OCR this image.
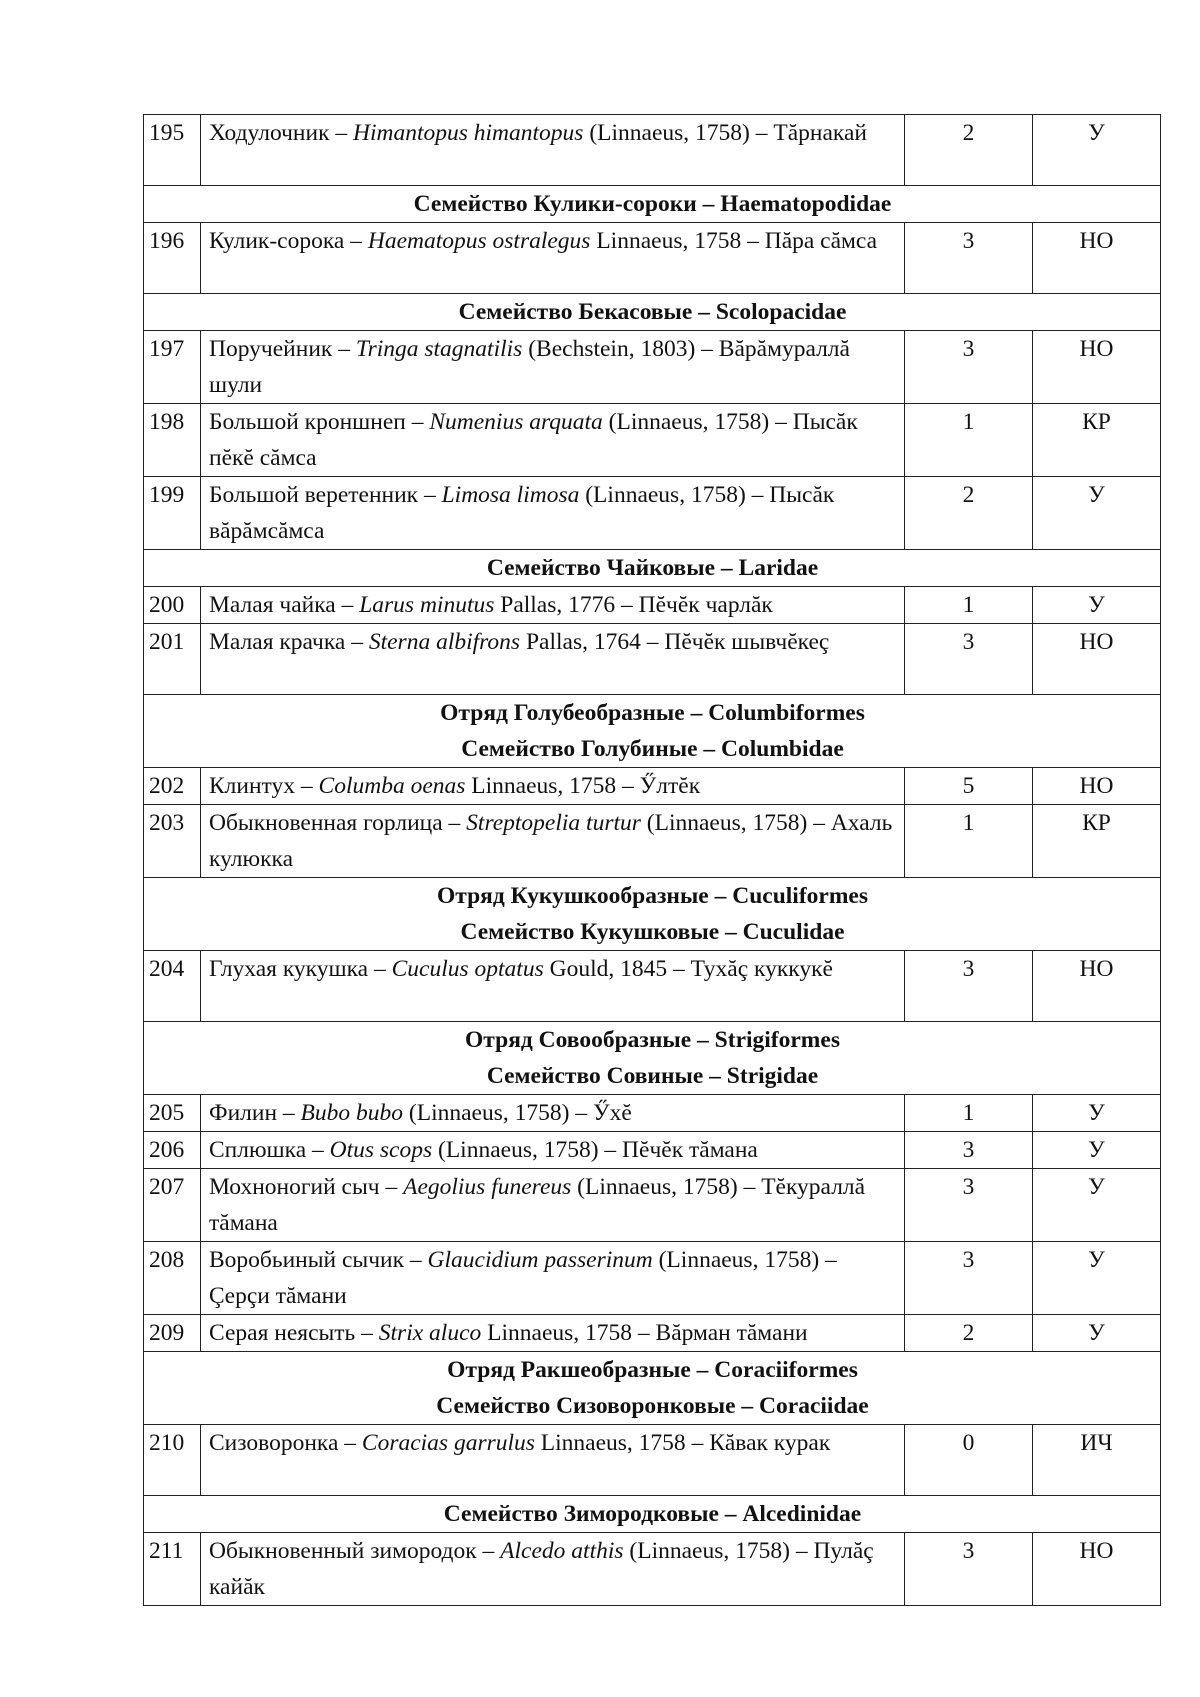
195	Ходулочник – Himantopus himantopus (Linnaeus, 1758) – Тăрнакай	2	У

Семейство Кулики-сороки – Haematopodidae			

196	Кулик-сорока – Haematopus ostralegus Linnaeus, 1758 – Пăра сăмса	3	НО

Семейство Бекасовые – Scolopacidae			

197	Поручейник – Tringa stagnatilis (Bechstein, 1803) – Вăрăмураллă шули	3	НО
198	Большой кроншнеп – Numenius arquata (Linnaeus, 1758) – Пысăк пĕкĕ сăмса	1	КР
199	Большой веретенник – Limosa limosa (Linnaeus, 1758) – Пысăк вăрăмсăмса	2	У

Семейство Чайковые – Laridae			

200	Малая чайка – Larus minutus Pallas, 1776 – Пĕчĕк чарлăк	1	У
201	Малая крачка – Sterna albifrons Pallas, 1764 – Пĕчĕк шывчĕкеç	3	НО

Отряд Голубеобразные – Columbiformes
Семейство Голубиные – Columbidae			

202	Клинтух – Columba oenas Linnaeus, 1758 – Ӳлтĕк	5	НО
203	Обыкновенная горлица – Streptopelia turtur (Linnaeus, 1758) – Ахаль кулюкка	1	КР

Отряд Кукушкообразные – Cuculiformes
Семейство Кукушковые – Cuculidae			

204	Глухая кукушка – Cuculus optatus Gould, 1845 – Тухăç куккукĕ	3	НО

Отряд Совообразные – Strigiformes
Семейство Совиные – Strigidae			

205	Филин – Bubo bubo (Linnaeus, 1758) – Ӳхĕ	1	У
206	Сплюшка – Otus scops (Linnaeus, 1758) – Пĕчĕк тăмана	3	У
207	Мохноногий сыч – Aegolius funereus (Linnaeus, 1758) – Тĕкураллă тăмана	3	У
208	Воробьиный сычик – Glaucidium passerinum (Linnaeus, 1758) – Çерçи тăмани	3	У
209	Серая неясыть – Strix aluco Linnaeus, 1758 – Вăрман тăмани	2	У

Отряд Ракшеобразные – Coraciiformes
Семейство Сизоворонковые – Coraciidae			

210	Сизоворонка – Coracias garrulus Linnaeus, 1758 – Кăвак курак	0	ИЧ

Семейство Зимородковые – Alcedinidae			

211	Обыкновенный зимородок – Alcedo atthis (Linnaeus, 1758) – Пулăç кайăк	3	НО
